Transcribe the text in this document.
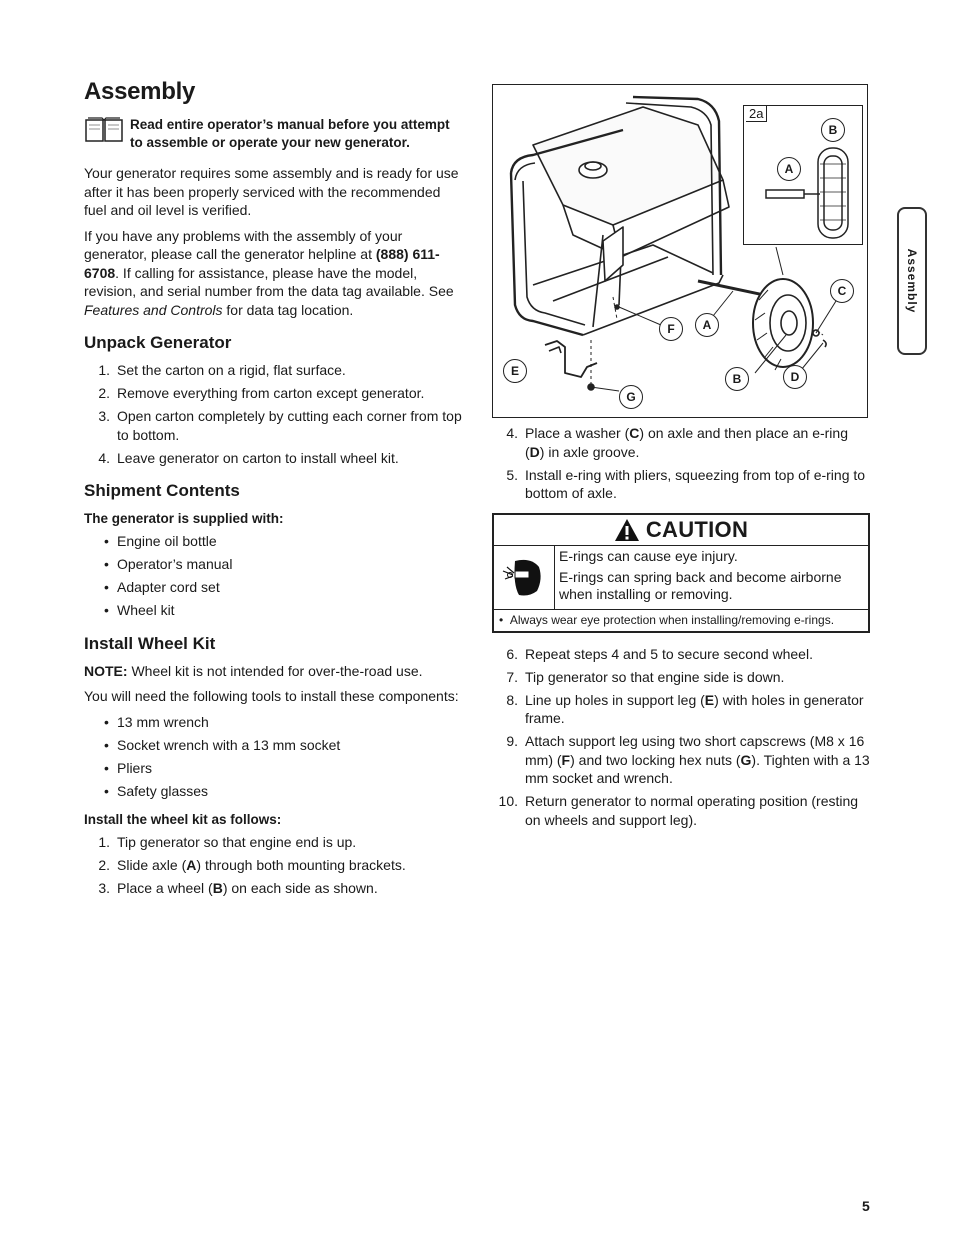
Assembly

Read entire operator’s manual before you attempt to assemble or operate your new generator.

Your generator requires some assembly and is ready for use after it has been properly serviced with the recommended fuel and oil level is verified.

If you have any problems with the assembly of your generator, please call the generator helpline at (888) 611-6708. If calling for assistance, please have the model, revision, and serial number from the data tag available. See Features and Controls for data tag location.

Unpack Generator
1. Set the carton on a rigid, flat surface.
2. Remove everything from carton except generator.
3. Open carton completely by cutting each corner from top to bottom.
4. Leave generator on carton to install wheel kit.
Shipment Contents
The generator is supplied with:
• Engine oil bottle
• Operator’s manual
• Adapter cord set
• Wheel kit
Install Wheel Kit

NOTE: Wheel kit is not intended for over-the-road use.

You will need the following tools to install these components:

• 13 mm wrench
• Socket wrench with a 13 mm socket
• Pliers
• Safety glasses
Install the wheel kit as follows:
1. Tip generator so that engine end is up.
2. Slide axle (A) through both mounting brackets.
3. Place a wheel (B) on each side as shown.
2a
B
A
C
A
F
E
B	D
G
4. Place a washer (C) on axle and then place an e-ring (D) in axle groove.
5. Install e-ring with pliers, squeezing from top of e-ring to bottom of axle.
CAUTION

E-rings can cause eye injury.

E-rings can spring back and become airborne when installing or removing.

•  Always wear eye protection when installing/removing e-rings.
6. Repeat steps 4 and 5 to secure second wheel.
7. Tip generator so that engine side is down.
8. Line up holes in support leg (E) with holes in generator frame.
9. Attach support leg using two short capscrews (M8 x 16 mm) (F) and two locking hex nuts (G). Tighten with a 13 mm socket and wrench.
10. Return generator to normal operating position (resting on wheels and support leg).
Assembly
5
